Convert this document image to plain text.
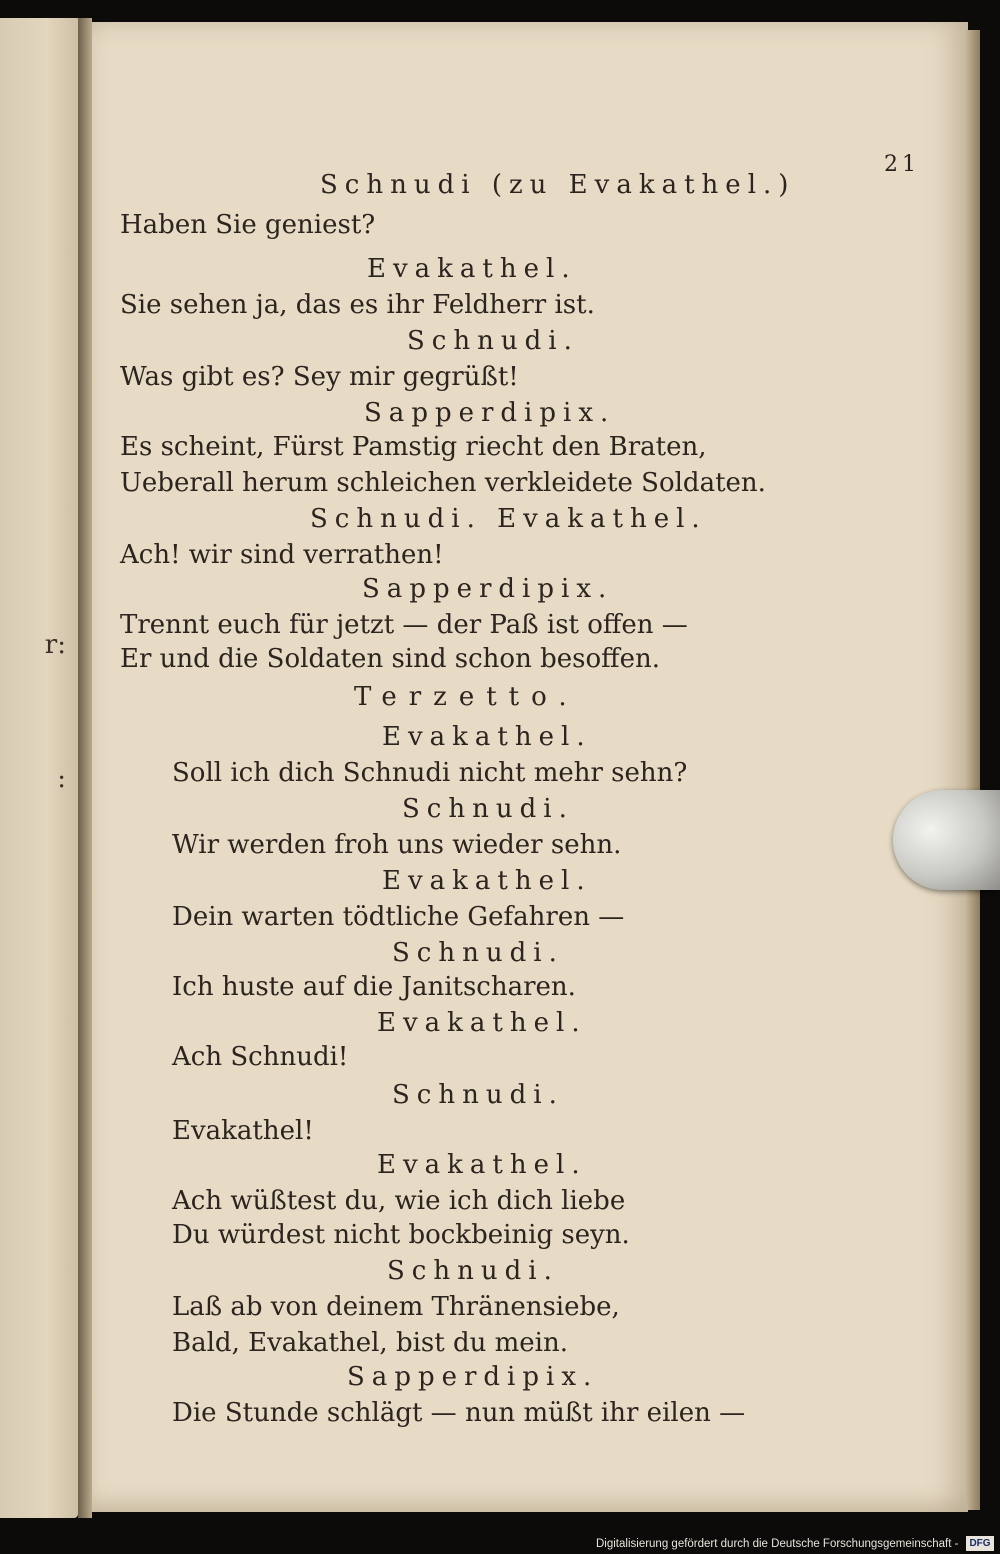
r:
:
21
Schnudi (zu Evakathel.)
Haben Sie geniest?
Evakathel.
Sie sehen ja, das es ihr Feldherr ist.
Schnudi.
Was gibt es? Sey mir gegrüßt!
Sapperdipix.
Es scheint, Fürst Pamstig riecht den Braten,
Ueberall herum schleichen verkleidete Soldaten.
Schnudi. Evakathel.
Ach! wir sind verrathen!
Sapperdipix.
Trennt euch für jetzt — der Paß ist offen —
Er und die Soldaten sind schon besoffen.
Terzetto.
Evakathel.
Soll ich dich Schnudi nicht mehr sehn?
Schnudi.
Wir werden froh uns wieder sehn.
Evakathel.
Dein warten tödtliche Gefahren —
Schnudi.
Ich huste auf die Janitscharen.
Evakathel.
Ach Schnudi!
Schnudi.
Evakathel!
Evakathel.
Ach wüßtest du, wie ich dich liebe
Du würdest nicht bockbeinig seyn.
Schnudi.
Laß ab von deinem Thränensiebe,
Bald, Evakathel, bist du mein.
Sapperdipix.
Die Stunde schlägt — nun müßt ihr eilen —
Digitalisierung gefördert durch die Deutsche Forschungsgemeinschaft -	DFG
